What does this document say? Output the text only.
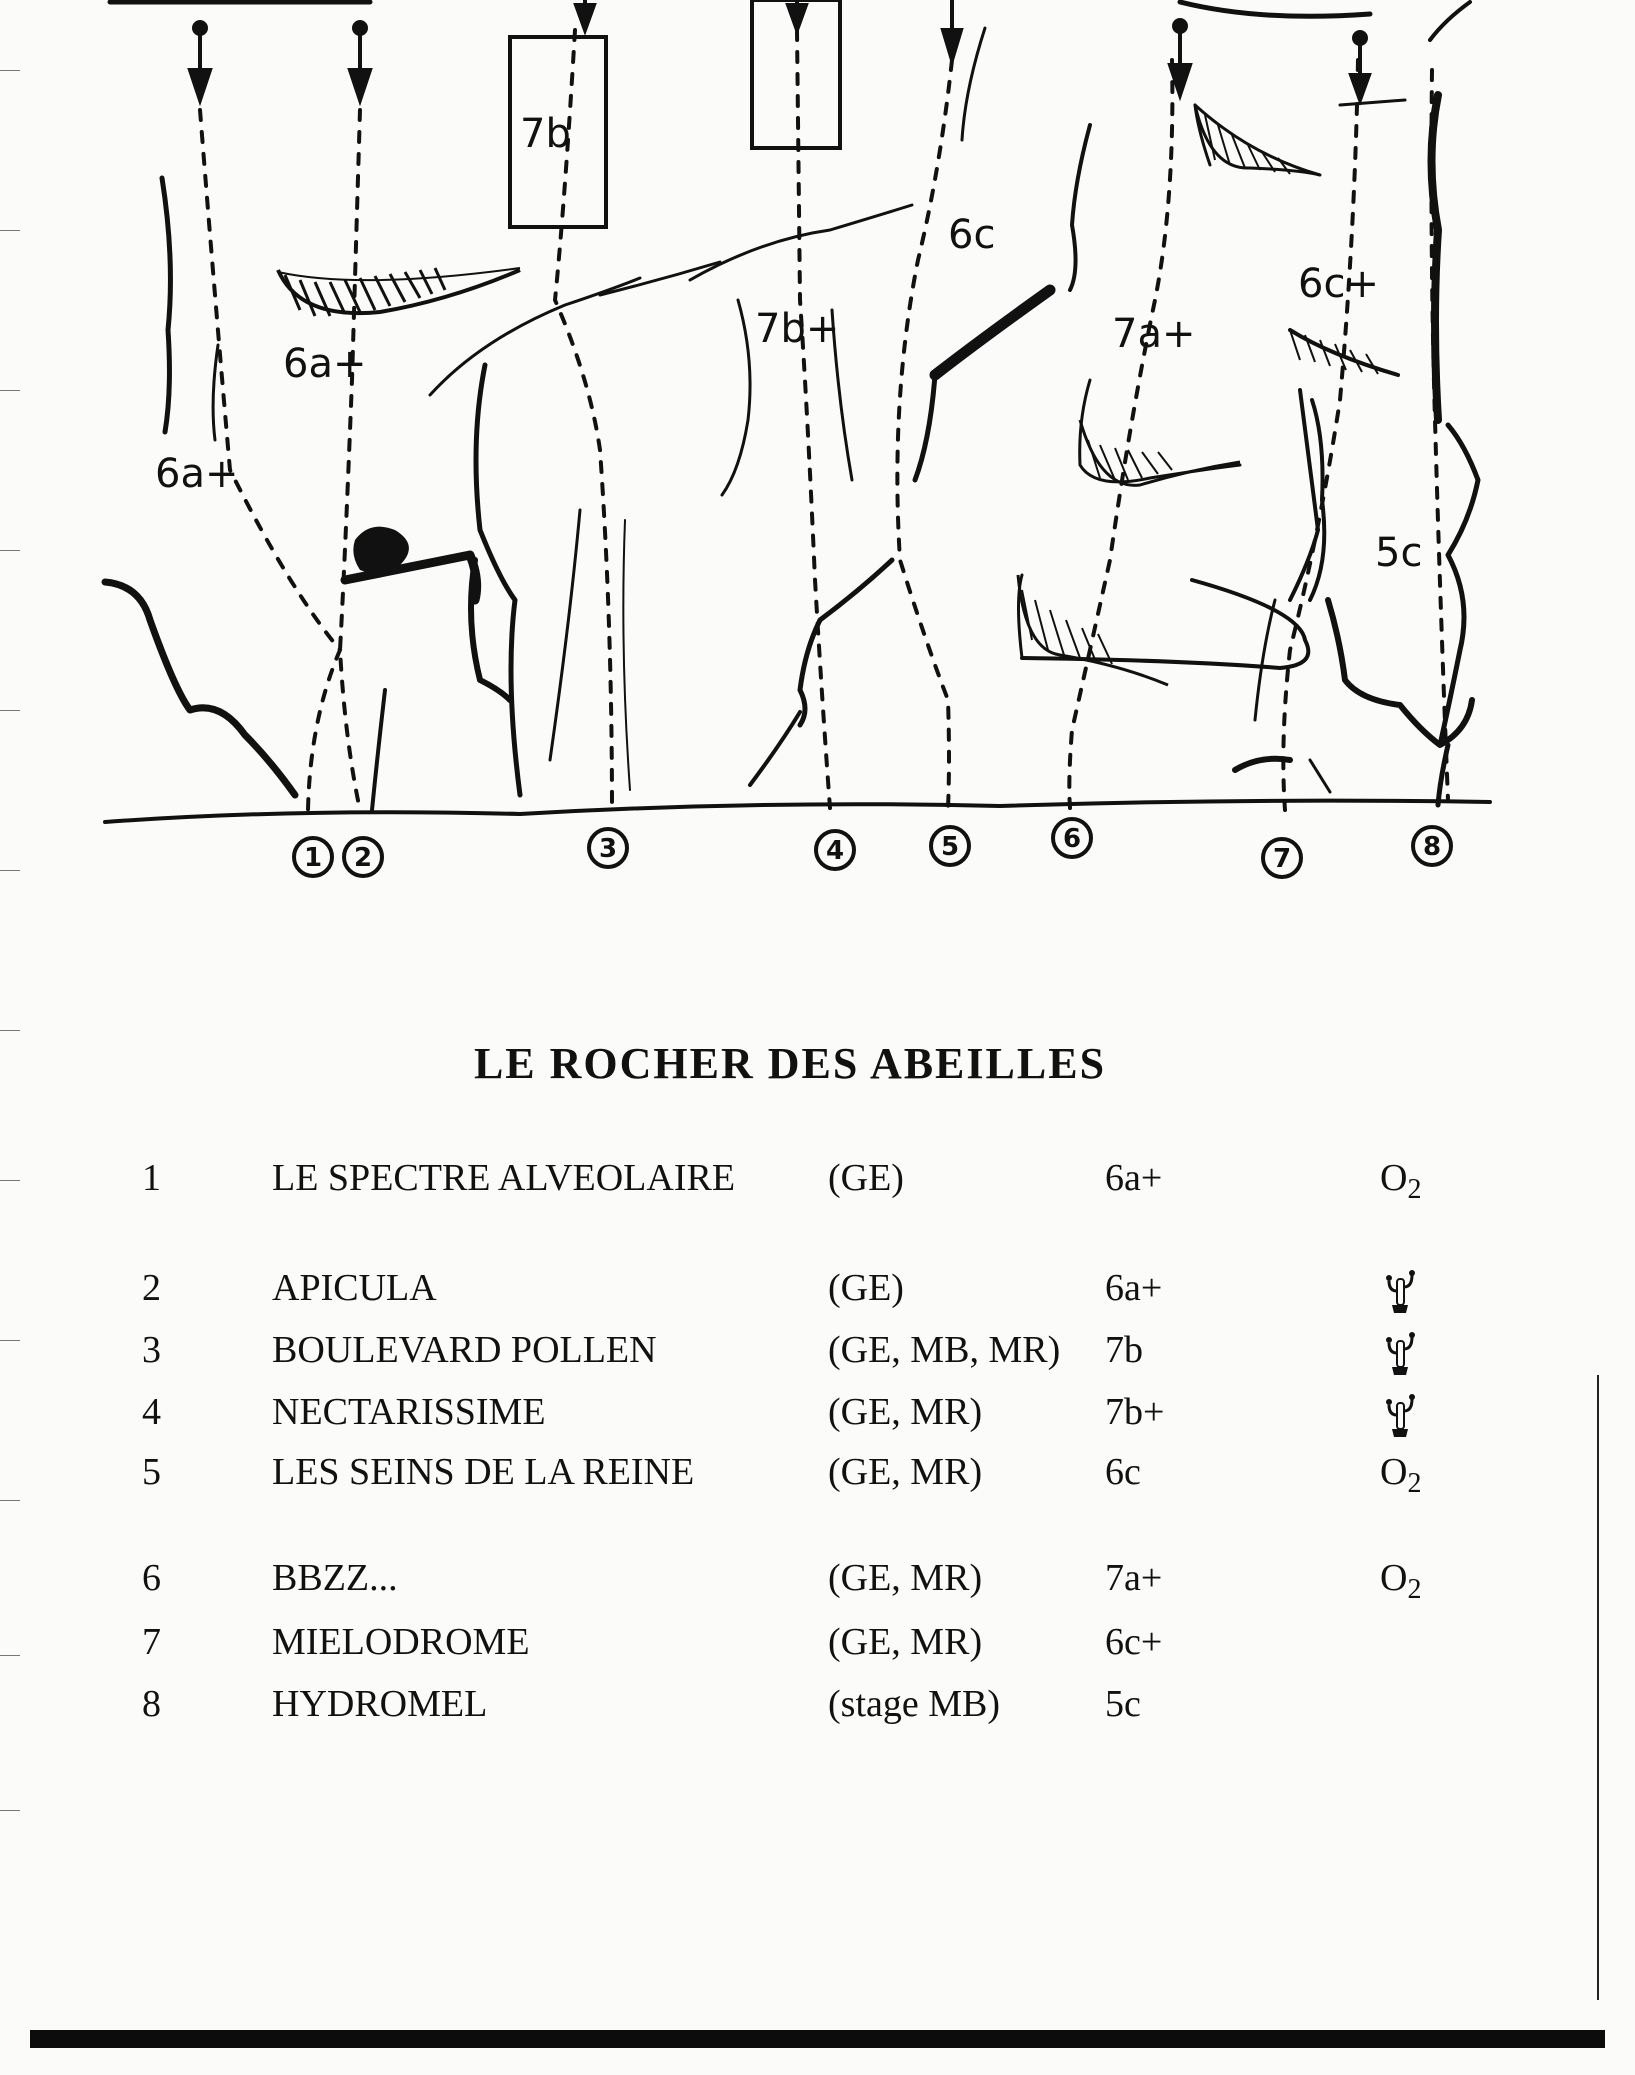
6a+
6a+
7b
7b+
6c
7a+
6c+
5c
1 2	3	4	5	6
7	8
LE ROCHER DES ABEILLES
1	LE SPECTRE ALVEOLAIRE	(GE)	6a+	$O_2$
2	APICULA	(GE)	6a+
3	BOULEVARD POLLEN	(GE, MB, MR) 7b
4	NECTARISSIME	(GE, MR)	7b+
5	LES SEINS DE LA REINE	(GE, MR)	6c	$O_2$
6	BBZZ...	(GE, MR)	7a+	$O_2$
7	MIELODROME	(GE, MR)	6c+
8	HYDROMEL	(stage MB)	5c
